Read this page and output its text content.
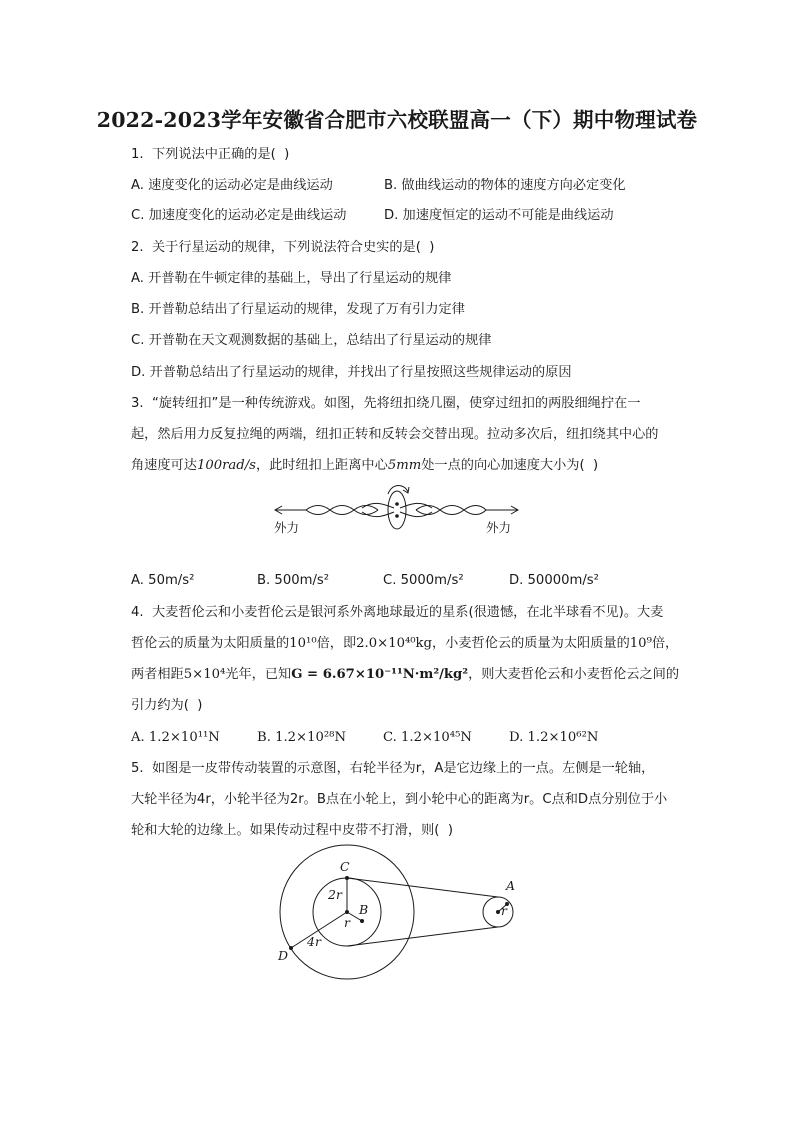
2022-2023学年安徽省合肥市六校联盟高一（下）期中物理试卷
1.  下列说法中正确的是(  )
A. 速度变化的运动必定是曲线运动	B. 做曲线运动的物体的速度方向必定变化
C. 加速度变化的运动必定是曲线运动	D. 加速度恒定的运动不可能是曲线运动
2.  关于行星运动的规律，下列说法符合史实的是(  )
A. 开普勒在牛顿定律的基础上，导出了行星运动的规律
B. 开普勒总结出了行星运动的规律，发现了万有引力定律
C. 开普勒在天文观测数据的基础上，总结出了行星运动的规律
D. 开普勒总结出了行星运动的规律，并找出了行星按照这些规律运动的原因
3.  “旋转纽扣”是一种传统游戏。如图，先将纽扣绕几圈，使穿过纽扣的两股细绳拧在一
起，然后用力反复拉绳的两端，纽扣正转和反转会交替出现。拉动多次后，纽扣绕其中心的
角速度可达100rad/s，此时纽扣上距离中心5mm处一点的向心加速度大小为(  )
外力	外力
A. 50m/s²	B. 500m/s²	C. 5000m/s²	D. 50000m/s²
4.  大麦哲伦云和小麦哲伦云是银河系外离地球最近的星系(很遗憾，在北半球看不见)。大麦
哲伦云的质量为太阳质量的10¹⁰倍，即2.0×10⁴⁰kg，小麦哲伦云的质量为太阳质量的10⁹倍，
两者相距5×10⁴光年，已知G = 6.67×10⁻¹¹N·m²/kg²，则大麦哲伦云和小麦哲伦云之间的
引力约为(  )
A. 1.2×10¹¹N	B. 1.2×10²⁸N	C. 1.2×10⁴⁵N	D. 1.2×10⁶²N
5.  如图是一皮带传动装置的示意图，右轮半径为r，A是它边缘上的一点。左侧是一轮轴，
大轮半径为4r，小轮半径为2r。B点在小轮上，到小轮中心的距离为r。C点和D点分别位于小
轮和大轮的边缘上。如果传动过程中皮带不打滑，则(  )
C
2r
B
r
4r
D
A
r
